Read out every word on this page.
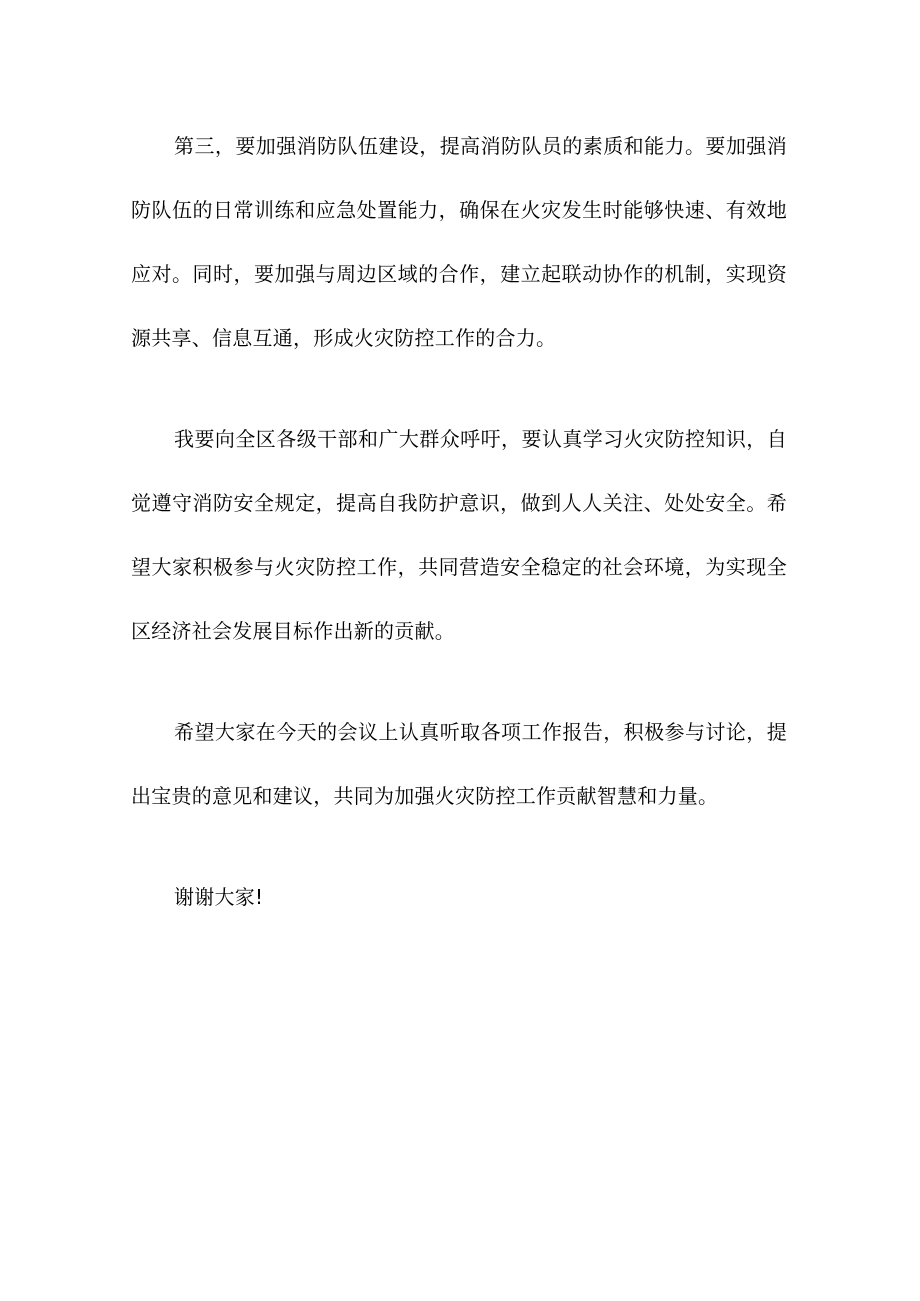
第三，要加强消防队伍建设，提高消防队员的素质和能力。要加强消防队伍的日常训练和应急处置能力，确保在火灾发生时能够快速、有效地应对。同时，要加强与周边区域的合作，建立起联动协作的机制，实现资源共享、信息互通，形成火灾防控工作的合力。

我要向全区各级干部和广大群众呼吁，要认真学习火灾防控知识，自觉遵守消防安全规定，提高自我防护意识，做到人人关注、处处安全。希望大家积极参与火灾防控工作，共同营造安全稳定的社会环境，为实现全区经济社会发展目标作出新的贡献。

希望大家在今天的会议上认真听取各项工作报告，积极参与讨论，提出宝贵的意见和建议，共同为加强火灾防控工作贡献智慧和力量。

谢谢大家!
